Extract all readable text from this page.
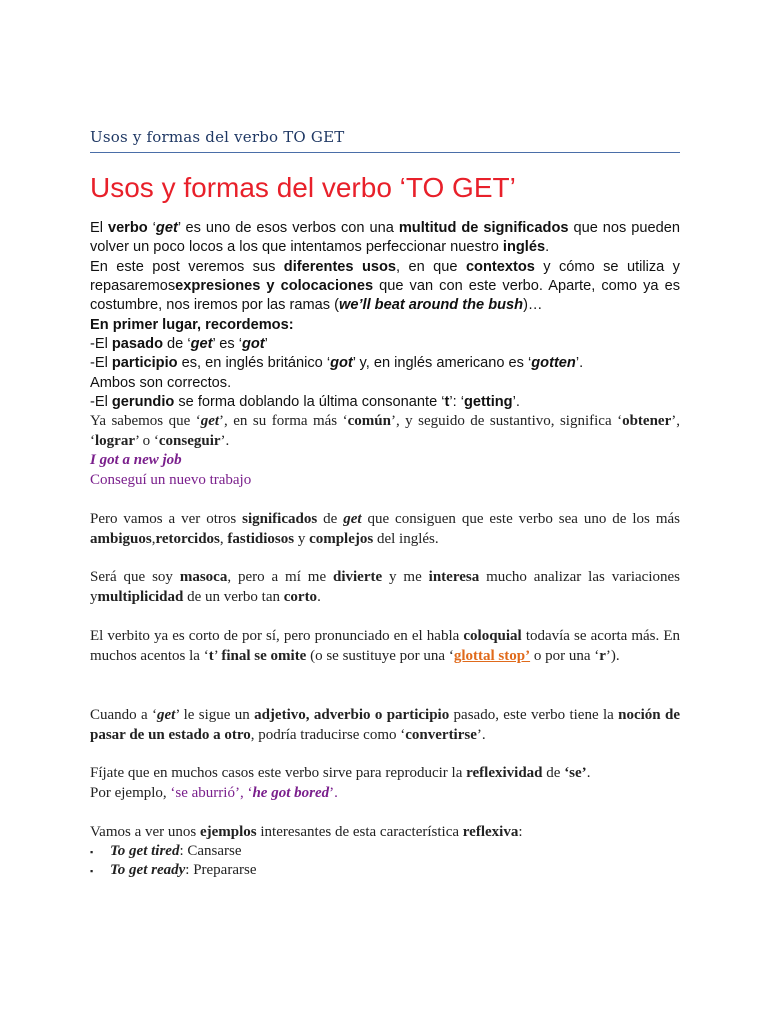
Usos y formas del verbo TO GET
Usos y formas del verbo ‘TO GET’
El verbo ‘get’ es uno de esos verbos con una multitud de significados que nos pueden volver un poco locos a los que intentamos perfeccionar nuestro inglés.
En este post veremos sus diferentes usos, en que contextos y cómo se utiliza y repasaremosexpresiones y colocaciones que van con este verbo. Aparte, como ya es costumbre, nos iremos por las ramas (we’ll beat around the bush)…
En primer lugar, recordemos:
-El pasado de ‘get’ es ‘got’
-El participio es, en inglés británico ‘got’ y, en inglés americano es ‘gotten’.
Ambos son correctos.
-El gerundio se forma doblando la última consonante ‘t’: ‘getting’.
Ya sabemos que ‘get’, en su forma más ‘común’, y seguido de sustantivo, significa ‘obtener’, ‘lograr’ o ‘conseguir’.
I got a new job
Conseguí un nuevo trabajo
Pero vamos a ver otros significados de get que consiguen que este verbo sea uno de los más ambiguos,retorcidos, fastidiosos y complejos del inglés.
Será que soy masoca, pero a mí me divierte y me interesa mucho analizar las variaciones ymultiplicidad de un verbo tan corto.
El verbito ya es corto de por sí, pero pronunciado en el habla coloquial todavía se acorta más. En muchos acentos la ‘t’ final se omite (o se sustituye por una ‘glottal stop’ o por una ‘r’).
Cuando a ‘get’ le sigue un adjetivo, adverbio o participio pasado, este verbo tiene la noción de pasar de un estado a otro, podría traducirse como ‘convertirse’.
Fíjate que en muchos casos este verbo sirve para reproducir la reflexividad de ‘se’.
Por ejemplo, ‘se aburrió’, ‘he got bored’.
Vamos a ver unos ejemplos interesantes de esta característica reflexiva:
▪ To get tired: Cansarse
▪ To get ready: Prepararse
